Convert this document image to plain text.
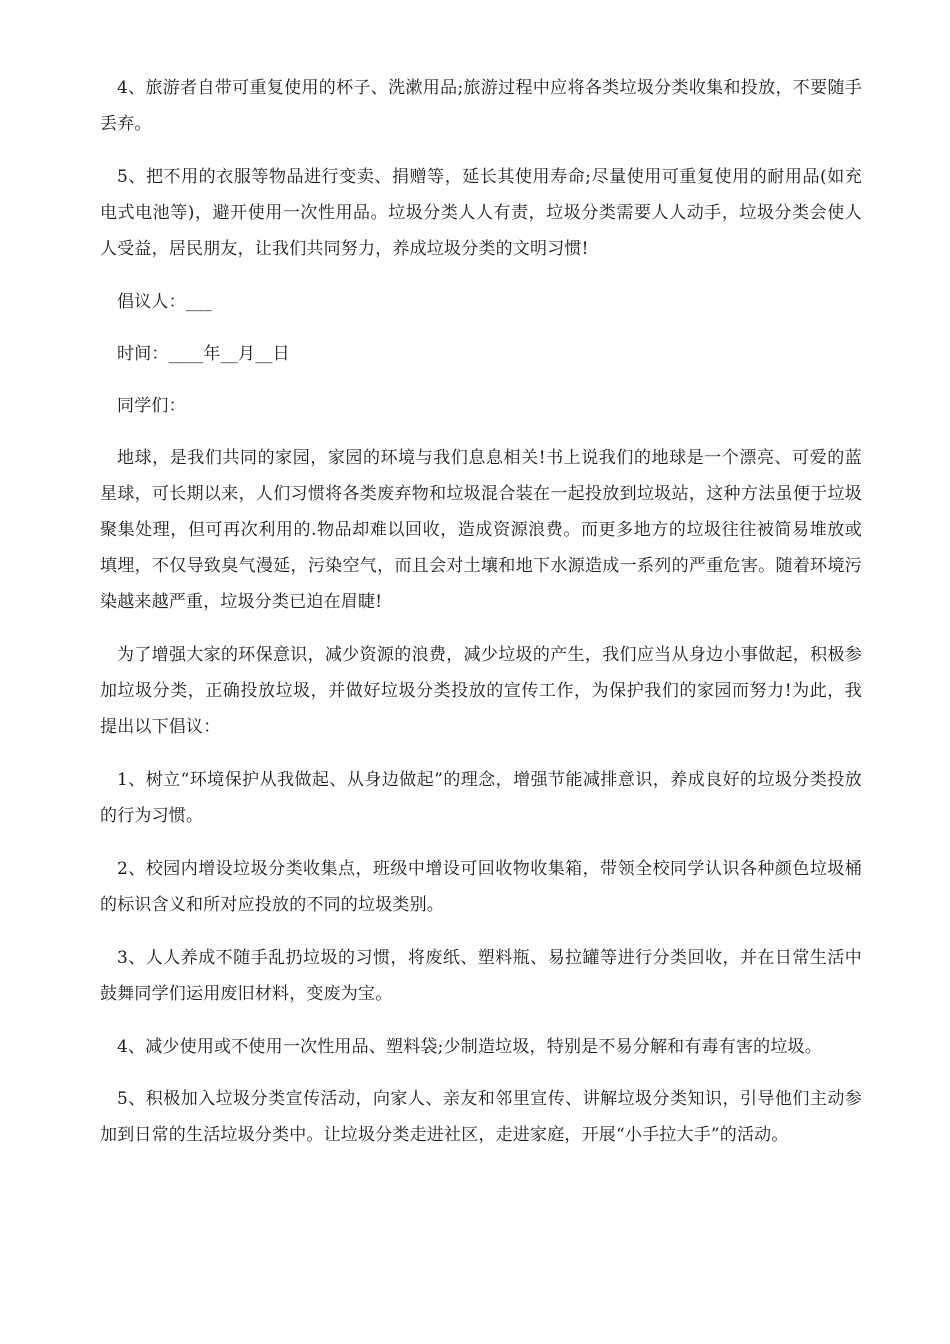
4、旅游者自带可重复使用的杯子、洗漱用品;旅游过程中应将各类垃圾分类收集和投放，不要随手丢弃。

5、把不用的衣服等物品进行变卖、捐赠等，延长其使用寿命;尽量使用可重复使用的耐用品(如充电式电池等)，避开使用一次性用品。垃圾分类人人有责，垃圾分类需要人人动手，垃圾分类会使人人受益，居民朋友，让我们共同努力，养成垃圾分类的文明习惯!

倡议人：___

时间：____年__月__日

同学们：

地球，是我们共同的家园，家园的环境与我们息息相关!书上说我们的地球是一个漂亮、可爱的蓝星球，可长期以来，人们习惯将各类废弃物和垃圾混合装在一起投放到垃圾站，这种方法虽便于垃圾聚集处理，但可再次利用的.物品却难以回收，造成资源浪费。而更多地方的垃圾往往被简易堆放或填埋，不仅导致臭气漫延，污染空气，而且会对土壤和地下水源造成一系列的严重危害。随着环境污染越来越严重，垃圾分类已迫在眉睫!

为了增强大家的环保意识，减少资源的浪费，减少垃圾的产生，我们应当从身边小事做起，积极参加垃圾分类，正确投放垃圾，并做好垃圾分类投放的宣传工作，为保护我们的家园而努力!为此，我提出以下倡议：

1、树立“环境保护从我做起、从身边做起”的理念，增强节能减排意识，养成良好的垃圾分类投放的行为习惯。

2、校园内增设垃圾分类收集点，班级中增设可回收物收集箱，带领全校同学认识各种颜色垃圾桶的标识含义和所对应投放的不同的垃圾类别。

3、人人养成不随手乱扔垃圾的习惯，将废纸、塑料瓶、易拉罐等进行分类回收，并在日常生活中鼓舞同学们运用废旧材料，变废为宝。

4、减少使用或不使用一次性用品、塑料袋;少制造垃圾，特别是不易分解和有毒有害的垃圾。

5、积极加入垃圾分类宣传活动，向家人、亲友和邻里宣传、讲解垃圾分类知识，引导他们主动参加到日常的生活垃圾分类中。让垃圾分类走进社区，走进家庭，开展“小手拉大手”的活动。
